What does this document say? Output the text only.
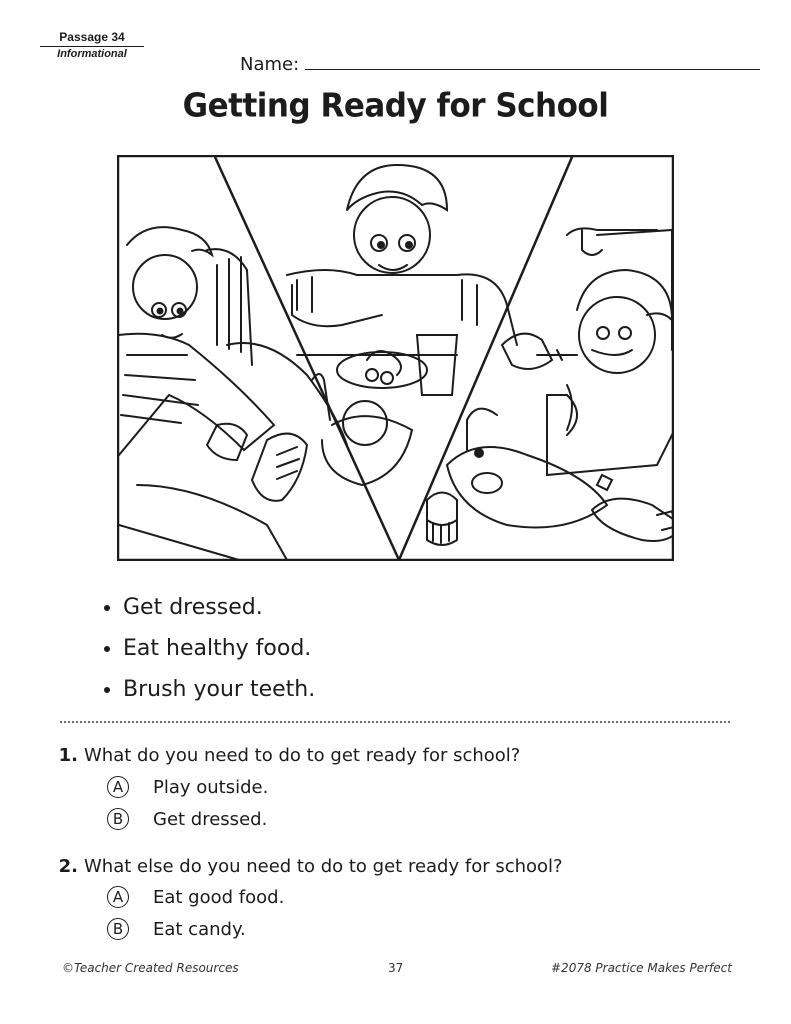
Passage 34
Informational	Name:
Getting Ready for School
Get dressed.
Eat healthy food.
Brush your teeth.
1. What do you need to do to get ready for school?
A	Play outside.
B	Get dressed.
2. What else do you need to do to get ready for school?
A	Eat good food.
B	Eat candy.
©Teacher Created Resources	37	#2078 Practice Makes Perfect
